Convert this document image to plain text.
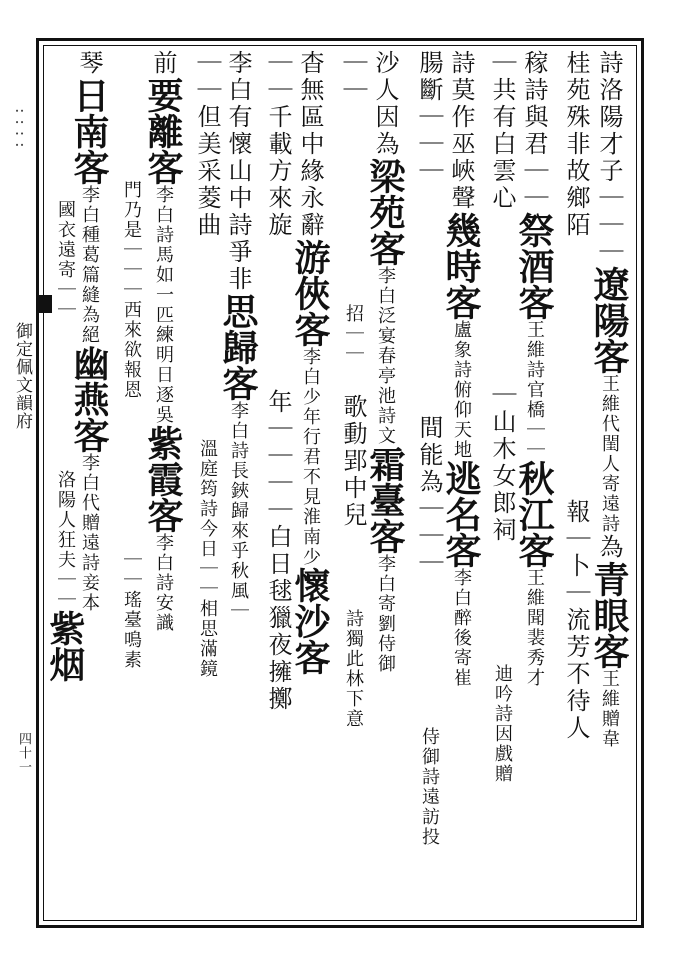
::::
御定佩文韻府
四十一
詩洛陽才子｜｜｜遼陽客王維代閨人寄遠詩為青眼客王維贈韋
桂苑殊非故鄉陌報｜卜｜流芳不待人
稼詩與君｜｜祭酒客王維詩官橋｜｜秋江客王維聞裴秀才
｜共有白雲心｜山木女郎祠迪吟詩因戲贈
詩莫作巫峽聲幾時客盧象詩俯仰天地逃名客李白醉後寄崔
腸斷｜｜｜間能為｜｜｜侍御詩遠訪投
沙人因為梁苑客李白泛宴春亭池詩文霜臺客李白寄劉侍御
｜｜招｜｜歌動郢中兒詩獨此林下意
杳無區中緣永辭游俠客李白少年行君不見淮南少懷沙客
｜｜千載方來旋年｜｜｜｜白日毬獵夜擁擲
李白有懷山中詩爭非思歸客李白詩長鋏歸來乎秋風｜
｜｜但美采菱曲溫庭筠詩今日｜｜相思滿鏡
前要離客李白詩馬如一匹練明日逐吳紫霞客李白詩安識
門乃是｜｜｜西來欲報恩｜｜瑤臺鳴素
琴日南客李白種葛篇縫為絕幽燕客李白代贈遠詩妾本
國衣遠寄｜｜洛陽人狂夫｜｜紫烟
